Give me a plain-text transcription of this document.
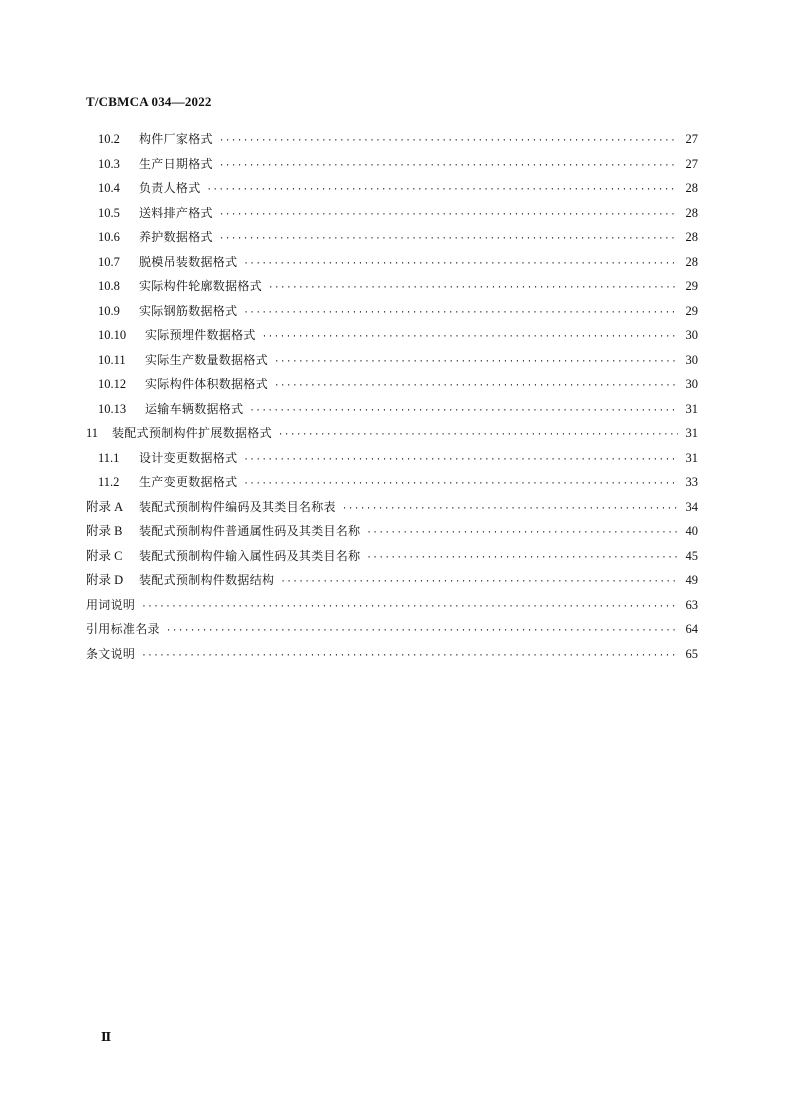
T/CBMCA 034—2022
10.2	构件厂家格式 ·····	27
10.3	生产日期格式 ·····	27
10.4	负责人格式 ·····	28
10.5	送料排产格式 ·····	28
10.6	养护数据格式 ·····	28
10.7	脱模吊装数据格式 ·····	28
10.8	实际构件轮廓数据格式 ·····	29
10.9	实际钢筋数据格式 ·····	29
10.10	实际预埋件数据格式 ·····	30
10.11	实际生产数量数据格式 ·····	30
10.12	实际构件体积数据格式 ·····	30
10.13	运输车辆数据格式 ·····	31
11	装配式预制构件扩展数据格式 ·····	31
11.1	设计变更数据格式 ·····	31
11.2	生产变更数据格式 ·····	33
附录 A	装配式预制构件编码及其类目名称表 ·····	34
附录 B	装配式预制构件普通属性码及其类目名称 ·····	40
附录 C	装配式预制构件输入属性码及其类目名称 ·····	45
附录 D	装配式预制构件数据结构 ·····	49
用词说明 ·····	63
引用标准名录 ·····	64
条文说明 ·····	65
Ⅱ
